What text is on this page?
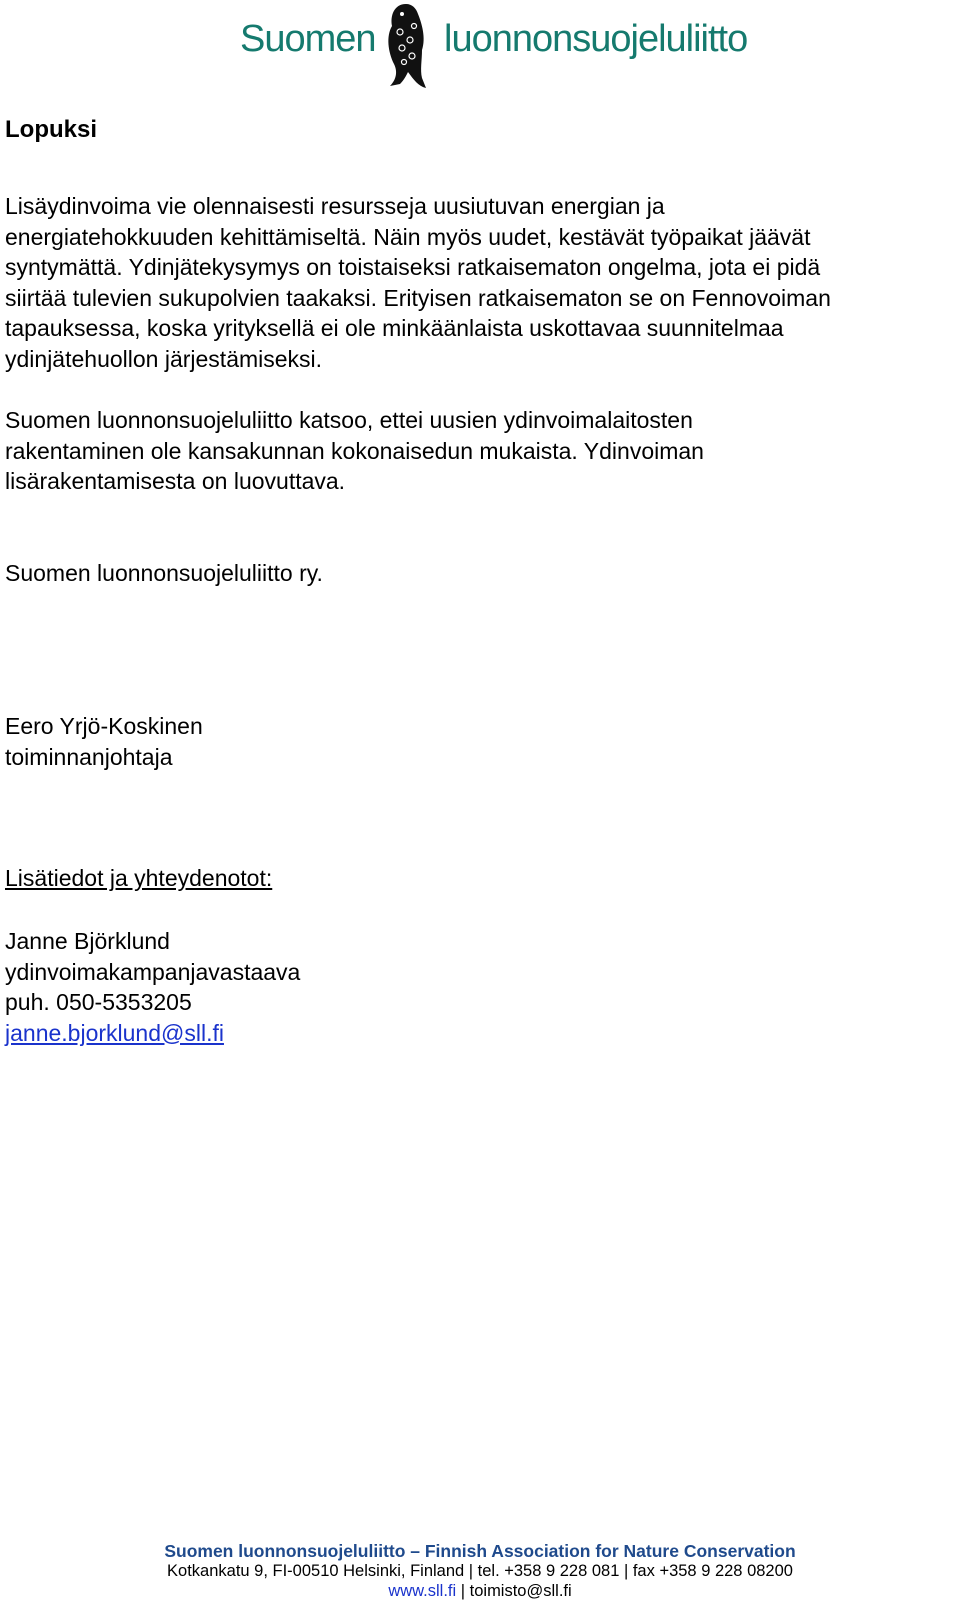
Suomen luonnonsuojeluliitto
Lopuksi

Lisäydinvoima vie olennaisesti resursseja uusiutuvan energian ja
energiatehokkuuden kehittämiseltä. Näin myös uudet, kestävät työpaikat jäävät
syntymättä. Ydinjätekysymys on toistaiseksi ratkaisematon ongelma, jota ei pidä
siirtää tulevien sukupolvien taakaksi. Erityisen ratkaisematon se on Fennovoiman
tapauksessa, koska yrityksellä ei ole minkäänlaista uskottavaa suunnitelmaa
ydinjätehuollon järjestämiseksi.

Suomen luonnonsuojeluliitto katsoo, ettei uusien ydinvoimalaitosten
rakentaminen ole kansakunnan kokonaisedun mukaista. Ydinvoiman
lisärakentamisesta on luovuttava.

Suomen luonnonsuojeluliitto ry.

Eero Yrjö-Koskinen
toiminnanjohtaja

Lisätiedot ja yhteydenotot:

Janne Björklund
ydinvoimakampanjavastaava
puh. 050-5353205
janne.bjorklund@sll.fi

Suomen luonnonsuojeluliitto – Finnish Association for Nature Conservation
Kotkankatu 9, FI-00510 Helsinki, Finland | tel. +358 9 228 081 | fax +358 9 228 08200
www.sll.fi | toimisto@sll.fi
